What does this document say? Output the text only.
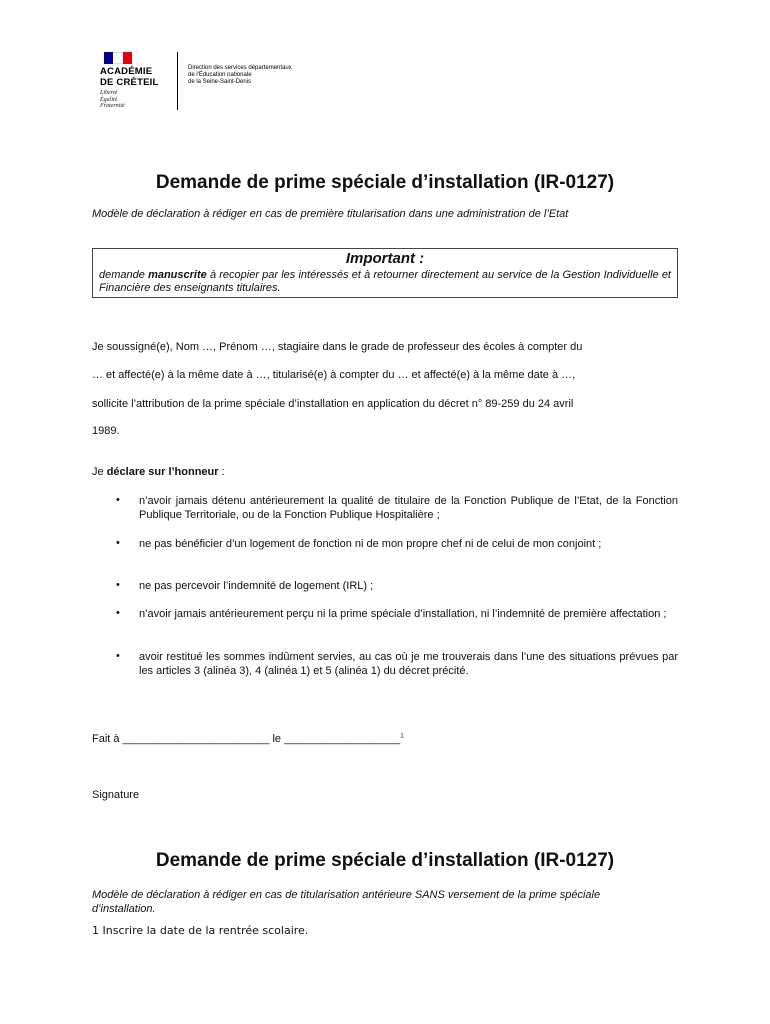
ACADÉMIE
DE CRÉTEIL
Liberté
Égalité
Fraternité
Direction des services départementaux
de l'Éducation nationale
de la Seine-Saint-Denis
Demande de prime spéciale d’installation (IR-0127)
Modèle de déclaration à rédiger en cas de première titularisation dans une administration de l’Etat
Important :
demande manuscrite à recopier par les intéressés et à retourner directement au service de la Gestion Individuelle et Financière des enseignants titulaires.
Je soussigné(e), Nom …, Prénom …, stagiaire dans le grade de professeur des écoles à compter du
… et affecté(e) à la même date à …, titularisé(e) à compter du … et affecté(e) à la même date à …,
sollicite l’attribution de la prime spéciale d’installation en application du décret n° 89-259 du 24 avril
1989.
Je déclare sur l’honneur :
• n’avoir jamais détenu antérieurement la qualité de titulaire de la Fonction Publique de l’Etat, de la Fonction Publique Territoriale, ou de la Fonction Publique Hospitalière ;
• ne pas bénéficier d’un logement de fonction ni de mon propre chef ni de celui de mon conjoint ;
• ne pas percevoir l’indemnité de logement (IRL) ;
• n’avoir jamais antérieurement perçu ni la prime spéciale d’installation, ni l’indemnité de première affectation ;
• avoir restitué les sommes indûment servies, au cas où je me trouverais dans l’une des situations prévues par les articles 3 (alinéa 3), 4 (alinéa 1) et 5 (alinéa 1) du décret précité.
Fait à ________________________ le ___________________$^1$
Signature
Demande de prime spéciale d’installation (IR-0127)
Modèle de déclaration à rédiger en cas de titularisation antérieure SANS versement de la prime spéciale d’installation.
1 Inscrire la date de la rentrée scolaire.
